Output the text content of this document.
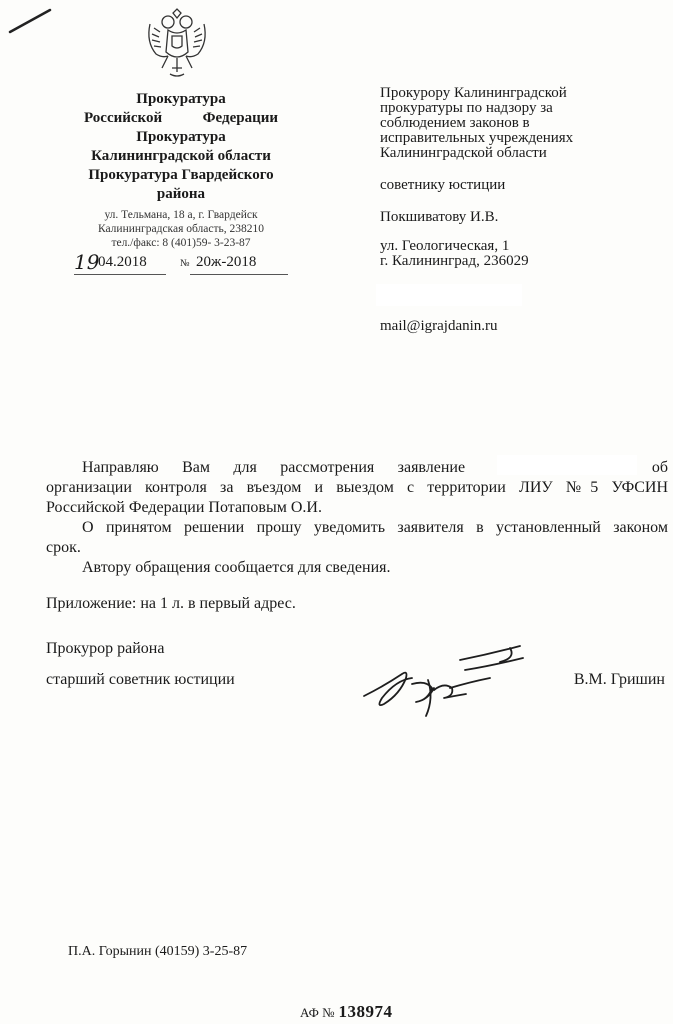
Прокуратура
Российской	Федерации
Прокуратура
Калининградской области
Прокуратура Гвардейского
района
ул. Тельмана, 18 а, г. Гвардейск
Калининградская область, 238210
тел./факс: 8 (401)59- 3-23-87
19
04.2018	№ 20ж-2018
Прокурору Калининградской
прокуратуры по надзору за
соблюдением законов в
исправительных учреждениях
Калининградской области
советнику юстиции
Покшиватову И.В.
ул. Геологическая, 1
г. Калининград, 236029
mail@igrajdanin.ru
Направляю Вам для рассмотрения заявление	об
организации контроля за въездом и выездом с территории ЛИУ №5 УФСИН
Российской Федерации Потаповым О.И.
О принятом решении прошу уведомить заявителя в установленный законом
срок.
Автору обращения сообщается для сведения.
Приложение: на 1 л. в первый адрес.
Прокурор района
старший советник юстиции	В.М. Гришин
П.А. Горынин (40159) 3-25-87
АФ № 138974
